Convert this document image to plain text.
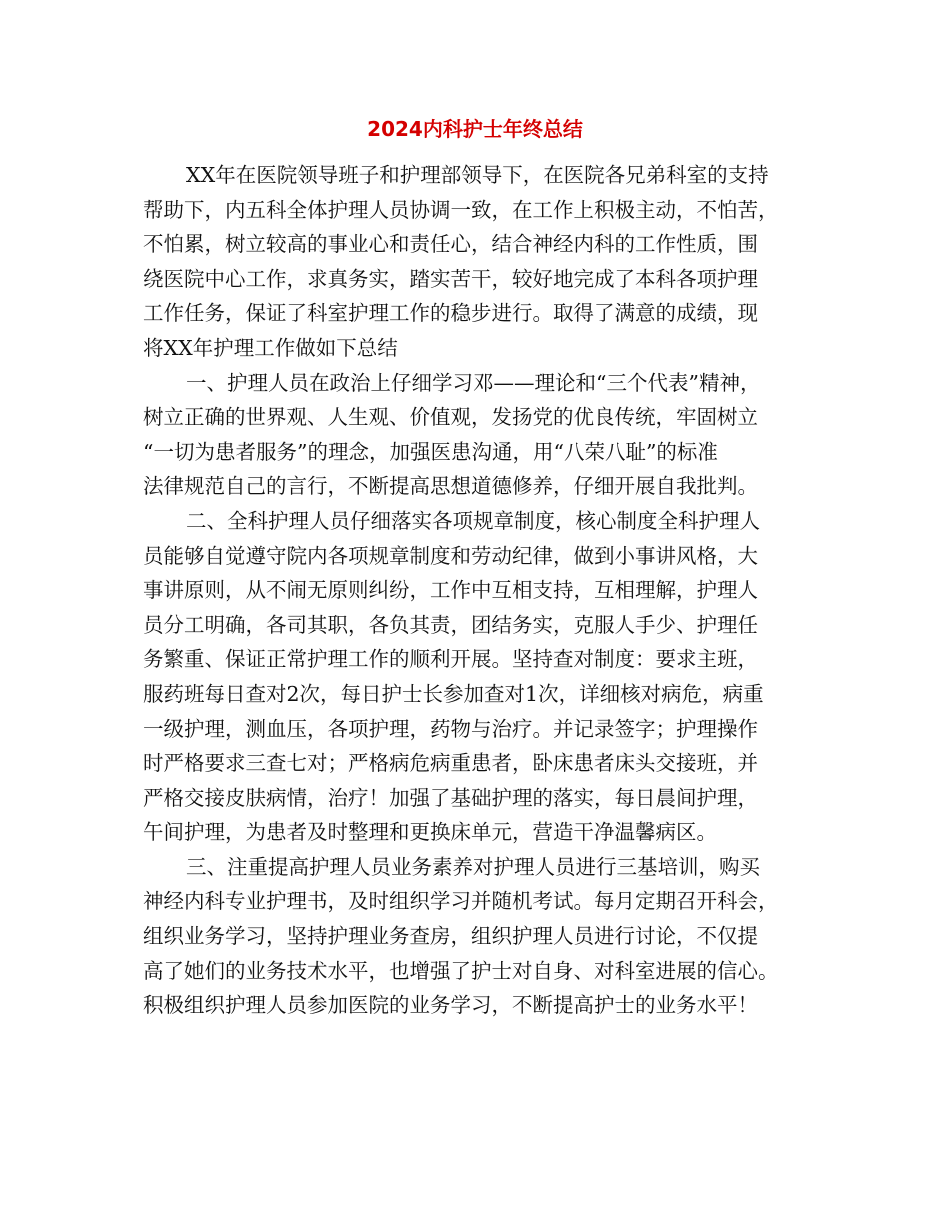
2024内科护士年终总结
XX年在医院领导班子和护理部领导下，在医院各兄弟科室的支持
帮助下，内五科全体护理人员协调一致，在工作上积极主动，不怕苦，
不怕累，树立较高的事业心和责任心，结合神经内科的工作性质，围
绕医院中心工作，求真务实，踏实苦干，较好地完成了本科各项护理
工作任务，保证了科室护理工作的稳步进行。取得了满意的成绩，现
将XX年护理工作做如下总结
一、护理人员在政治上仔细学习邓——理论和“三个代表”精神，
树立正确的世界观、人生观、价值观，发扬党的优良传统，牢固树立
“一切为患者服务”的理念，加强医患沟通，用“八荣八耻”的标准
法律规范自己的言行，不断提高思想道德修养，仔细开展自我批判。
二、全科护理人员仔细落实各项规章制度，核心制度全科护理人
员能够自觉遵守院内各项规章制度和劳动纪律，做到小事讲风格，大
事讲原则，从不闹无原则纠纷，工作中互相支持，互相理解，护理人
员分工明确，各司其职，各负其责，团结务实，克服人手少、护理任
务繁重、保证正常护理工作的顺利开展。坚持查对制度：要求主班，
服药班每日查对2次，每日护士长参加查对1次，详细核对病危，病重
一级护理，测血压，各项护理，药物与治疗。并记录签字；护理操作
时严格要求三查七对；严格病危病重患者，卧床患者床头交接班，并
严格交接皮肤病情，治疗！加强了基础护理的落实，每日晨间护理，
午间护理，为患者及时整理和更换床单元，营造干净温馨病区。
三、注重提高护理人员业务素养对护理人员进行三基培训，购买
神经内科专业护理书，及时组织学习并随机考试。每月定期召开科会，
组织业务学习，坚持护理业务查房，组织护理人员进行讨论，不仅提
高了她们的业务技术水平，也增强了护士对自身、对科室进展的信心。
积极组织护理人员参加医院的业务学习，不断提高护士的业务水平！
